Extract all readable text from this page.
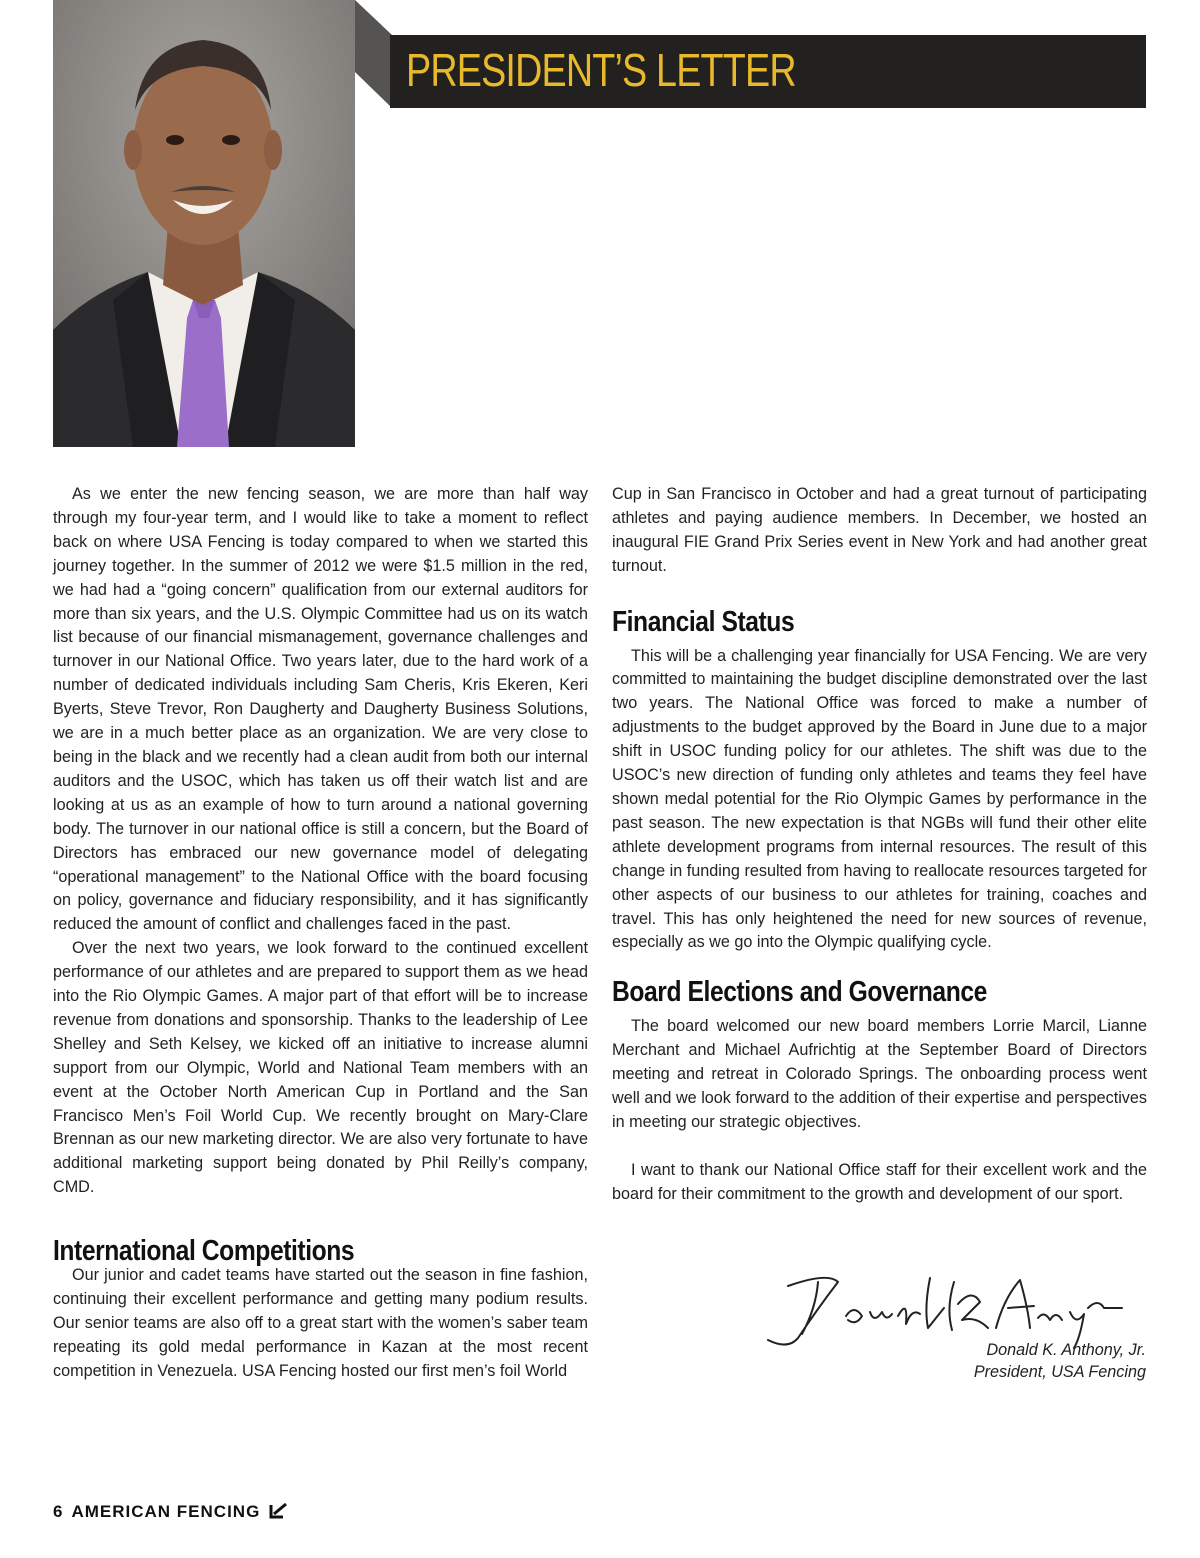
PRESIDENT’S LETTER

As we enter the new fencing season, we are more than half way through my four-year term, and I would like to take a moment to reflect back on where USA Fencing is today compared to when we started this journey together. In the summer of 2012 we were $1.5 million in the red, we had had a “going concern” qualification from our external auditors for more than six years, and the U.S. Olympic Committee had us on its watch list because of our financial mismanagement, governance challenges and turnover in our National Office. Two years later, due to the hard work of a number of dedicated individuals including Sam Cheris, Kris Ekeren, Keri Byerts, Steve Trevor, Ron Daugherty and Daugherty Business Solutions, we are in a much better place as an organization. We are very close to being in the black and we recently had a clean audit from both our internal auditors and the USOC, which has taken us off their watch list and are looking at us as an example of how to turn around a national governing body. The turnover in our national office is still a concern, but the Board of Directors has embraced our new governance model of delegating “operational management” to the National Office with the board focusing on policy, governance and fiduciary responsibility, and it has significantly reduced the amount of conflict and challenges faced in the past.

Over the next two years, we look forward to the continued excellent performance of our athletes and are prepared to support them as we head into the Rio Olympic Games. A major part of that effort will be to increase revenue from donations and sponsorship. Thanks to the leadership of Lee Shelley and Seth Kelsey, we kicked off an initiative to increase alumni support from our Olympic, World and National Team members with an event at the October North American Cup in Portland and the San Francisco Men’s Foil World Cup. We recently brought on Mary-Clare Brennan as our new marketing director. We are also very fortunate to have additional marketing support being donated by Phil Reilly’s company, CMD.

International Competitions

Our junior and cadet teams have started out the season in fine fashion, continuing their excellent performance and getting many podium results. Our senior teams are also off to a great start with the women’s saber team repeating its gold medal performance in Kazan at the most recent competition in Venezuela. USA Fencing hosted our first men’s foil World

Cup in San Francisco in October and had a great turnout of participating athletes and paying audience members. In December, we hosted an inaugural FIE Grand Prix Series event in New York and had another great turnout.

Financial Status

This will be a challenging year financially for USA Fencing. We are very committed to maintaining the budget discipline demonstrated over the last two years. The National Office was forced to make a number of adjustments to the budget approved by the Board in June due to a major shift in USOC funding policy for our athletes. The shift was due to the USOC’s new direction of funding only athletes and teams they feel have shown medal potential for the Rio Olympic Games by performance in the past season. The new expectation is that NGBs will fund their other elite athlete development programs from internal resources. The result of this change in funding resulted from having to reallocate resources targeted for other aspects of our business to our athletes for training, coaches and travel. This has only heightened the need for new sources of revenue, especially as we go into the Olympic qualifying cycle.

Board Elections and Governance

The board welcomed our new board members Lorrie Marcil, Lianne Merchant and Michael Aufrichtig at the September Board of Directors meeting and retreat in Colorado Springs. The onboarding process went well and we look forward to the addition of their expertise and perspectives in meeting our strategic objectives.

I want to thank our National Office staff for their excellent work and the board for their commitment to the growth and development of our sport.

Donald K. Anthony, Jr.
President, USA Fencing
6 AMERICAN FENCING
